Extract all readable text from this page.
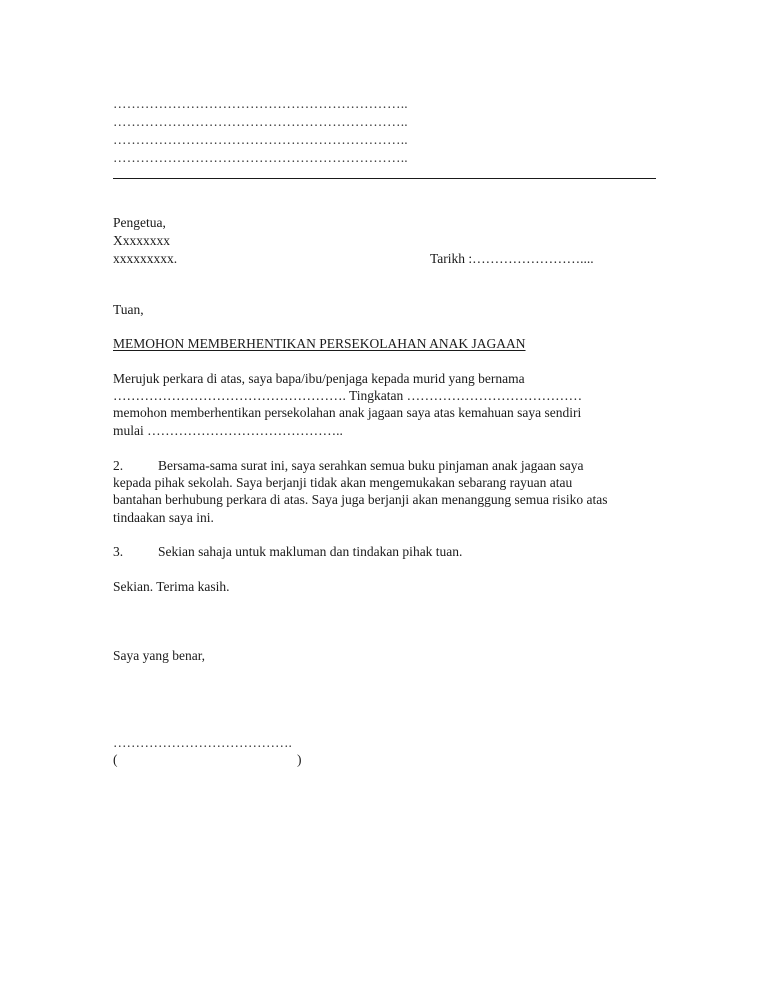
………………………………………………………..
………………………………………………………..
………………………………………………………..
………………………………………………………..
Pengetua,
Xxxxxxxx
xxxxxxxxx.	Tarikh :……………………....
Tuan,
MEMOHON MEMBERHENTIKAN PERSEKOLAHAN ANAK JAGAAN
Merujuk perkara di atas, saya bapa/ibu/penjaga kepada murid yang bernama
……………………………………………. Tingkatan …………………………………
memohon memberhentikan persekolahan anak jagaan saya atas kemahuan saya sendiri
mulai ……………………………………..
2.	Bersama-sama surat ini, saya serahkan semua buku pinjaman anak jagaan saya
kepada pihak sekolah. Saya berjanji tidak akan mengemukakan sebarang rayuan atau
bantahan berhubung perkara di atas. Saya juga berjanji akan menanggung semua risiko atas
tindaakan saya ini.
3.	Sekian sahaja untuk makluman dan tindakan pihak tuan.
Sekian. Terima kasih.
Saya yang benar,
………………………………….
(	)
